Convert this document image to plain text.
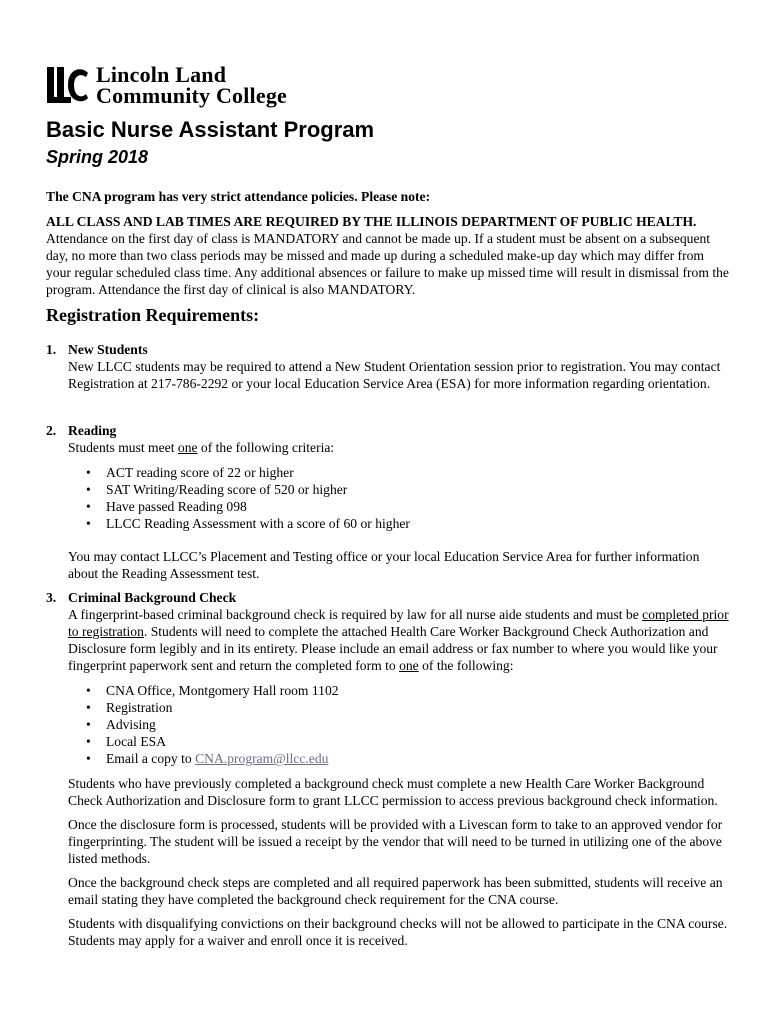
Lincoln Land
Community College
Basic Nurse Assistant Program
Spring 2018
The CNA program has very strict attendance policies. Please note:
ALL CLASS AND LAB TIMES ARE REQUIRED BY THE ILLINOIS DEPARTMENT OF PUBLIC HEALTH.
Attendance on the first day of class is MANDATORY and cannot be made up. If a student must be absent on a subsequent day, no more than two class periods may be missed and made up during a scheduled make-up day which may differ from your regular scheduled class time. Any additional absences or failure to make up missed time will result in dismissal from the program. Attendance the first day of clinical is also MANDATORY.
Registration Requirements:
1. New Students
New LLCC students may be required to attend a New Student Orientation session prior to registration. You may contact Registration at 217-786-2292 or your local Education Service Area (ESA) for more information regarding orientation.
2. Reading
Students must meet one of the following criteria:
• ACT reading score of 22 or higher
• SAT Writing/Reading score of 520 or higher
• Have passed Reading 098
• LLCC Reading Assessment with a score of 60 or higher
You may contact LLCC’s Placement and Testing office or your local Education Service Area for further information about the Reading Assessment test.
3. Criminal Background Check
A fingerprint-based criminal background check is required by law for all nurse aide students and must be completed prior to registration. Students will need to complete the attached Health Care Worker Background Check Authorization and Disclosure form legibly and in its entirety. Please include an email address or fax number to where you would like your fingerprint paperwork sent and return the completed form to one of the following:
• CNA Office, Montgomery Hall room 1102
• Registration
• Advising
• Local ESA
• Email a copy to CNA.program@llcc.edu
Students who have previously completed a background check must complete a new Health Care Worker Background Check Authorization and Disclosure form to grant LLCC permission to access previous background check information.
Once the disclosure form is processed, students will be provided with a Livescan form to take to an approved vendor for fingerprinting. The student will be issued a receipt by the vendor that will need to be turned in utilizing one of the above listed methods.
Once the background check steps are completed and all required paperwork has been submitted, students will receive an email stating they have completed the background check requirement for the CNA course.
Students with disqualifying convictions on their background checks will not be allowed to participate in the CNA course. Students may apply for a waiver and enroll once it is received.
